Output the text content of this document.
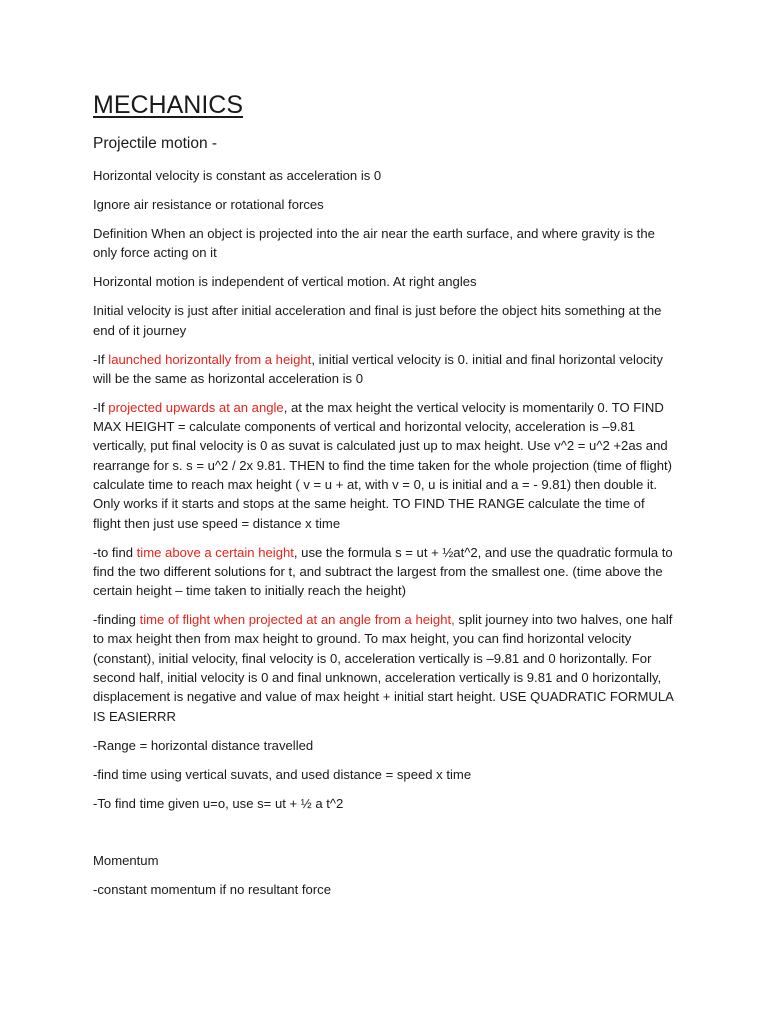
MECHANICS

Projectile motion -

Horizontal velocity is constant as acceleration is 0

Ignore air resistance or rotational forces

Definition When an object is projected into the air near the earth surface, and where gravity is the only force acting on it

Horizontal motion is independent of vertical motion. At right angles

Initial velocity is just after initial acceleration and final is just before the object hits something at the end of it journey

-If launched horizontally from a height, initial vertical velocity is 0. initial and final horizontal velocity will be the same as horizontal acceleration is 0

-If projected upwards at an angle, at the max height the vertical velocity is momentarily 0. TO FIND MAX HEIGHT = calculate components of vertical and horizontal velocity, acceleration is –9.81 vertically, put final velocity is 0 as suvat is calculated just up to max height. Use v^2 = u^2 +2as and rearrange for s. s = u^2 / 2x 9.81. THEN to find the time taken for the whole projection (time of flight) calculate time to reach max height ( v = u + at, with v = 0, u is initial and a = - 9.81) then double it. Only works if it starts and stops at the same height. TO FIND THE RANGE calculate the time of flight then just use speed = distance x time

-to find time above a certain height, use the formula s = ut + ½at^2, and use the quadratic formula to find the two different solutions for t, and subtract the largest from the smallest one. (time above the certain height – time taken to initially reach the height)

-finding time of flight when projected at an angle from a height, split journey into two halves, one half to max height then from max height to ground. To max height, you can find horizontal velocity (constant), initial velocity, final velocity is 0, acceleration vertically is –9.81 and 0 horizontally. For second half, initial velocity is 0 and final unknown, acceleration vertically is 9.81 and 0 horizontally, displacement is negative and value of max height + initial start height. USE QUADRATIC FORMULA IS EASIERRR

-Range = horizontal distance travelled

-find time using vertical suvats, and used distance = speed x time

-To find time given u=o, use s= ut + ½ a t^2

Momentum

-constant momentum if no resultant force
